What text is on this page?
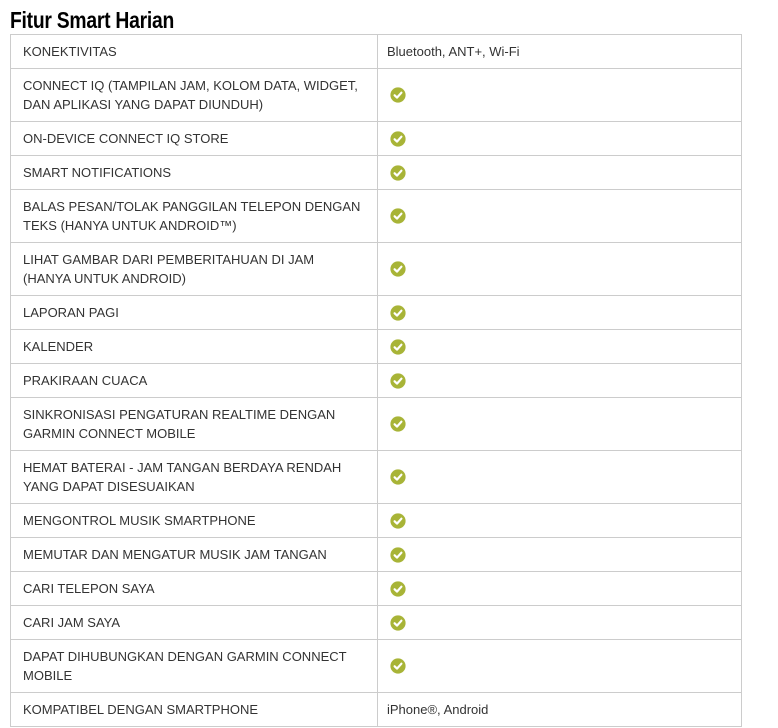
Fitur Smart Harian
KONEKTIVITAS	Bluetooth, ANT+, Wi-Fi
CONNECT IQ (TAMPILAN JAM, KOLOM DATA, WIDGET, DAN APLIKASI YANG DAPAT DIUNDUH)	

ON-DEVICE CONNECT IQ STORE	

SMART NOTIFICATIONS	

BALAS PESAN/TOLAK PANGGILAN TELEPON DENGAN TEKS (HANYA UNTUK ANDROID™)	

LIHAT GAMBAR DARI PEMBERITAHUAN DI JAM (HANYA UNTUK ANDROID)	

LAPORAN PAGI	

KALENDER	

PRAKIRAAN CUACA	

SINKRONISASI PENGATURAN REALTIME DENGAN GARMIN CONNECT MOBILE	

HEMAT BATERAI - JAM TANGAN BERDAYA RENDAH YANG DAPAT DISESUAIKAN	

MENGONTROL MUSIK SMARTPHONE	

MEMUTAR DAN MENGATUR MUSIK JAM TANGAN	

CARI TELEPON SAYA	

CARI JAM SAYA	

DAPAT DIHUBUNGKAN DENGAN GARMIN CONNECT MOBILE	

KOMPATIBEL DENGAN SMARTPHONE	iPhone®, Android
